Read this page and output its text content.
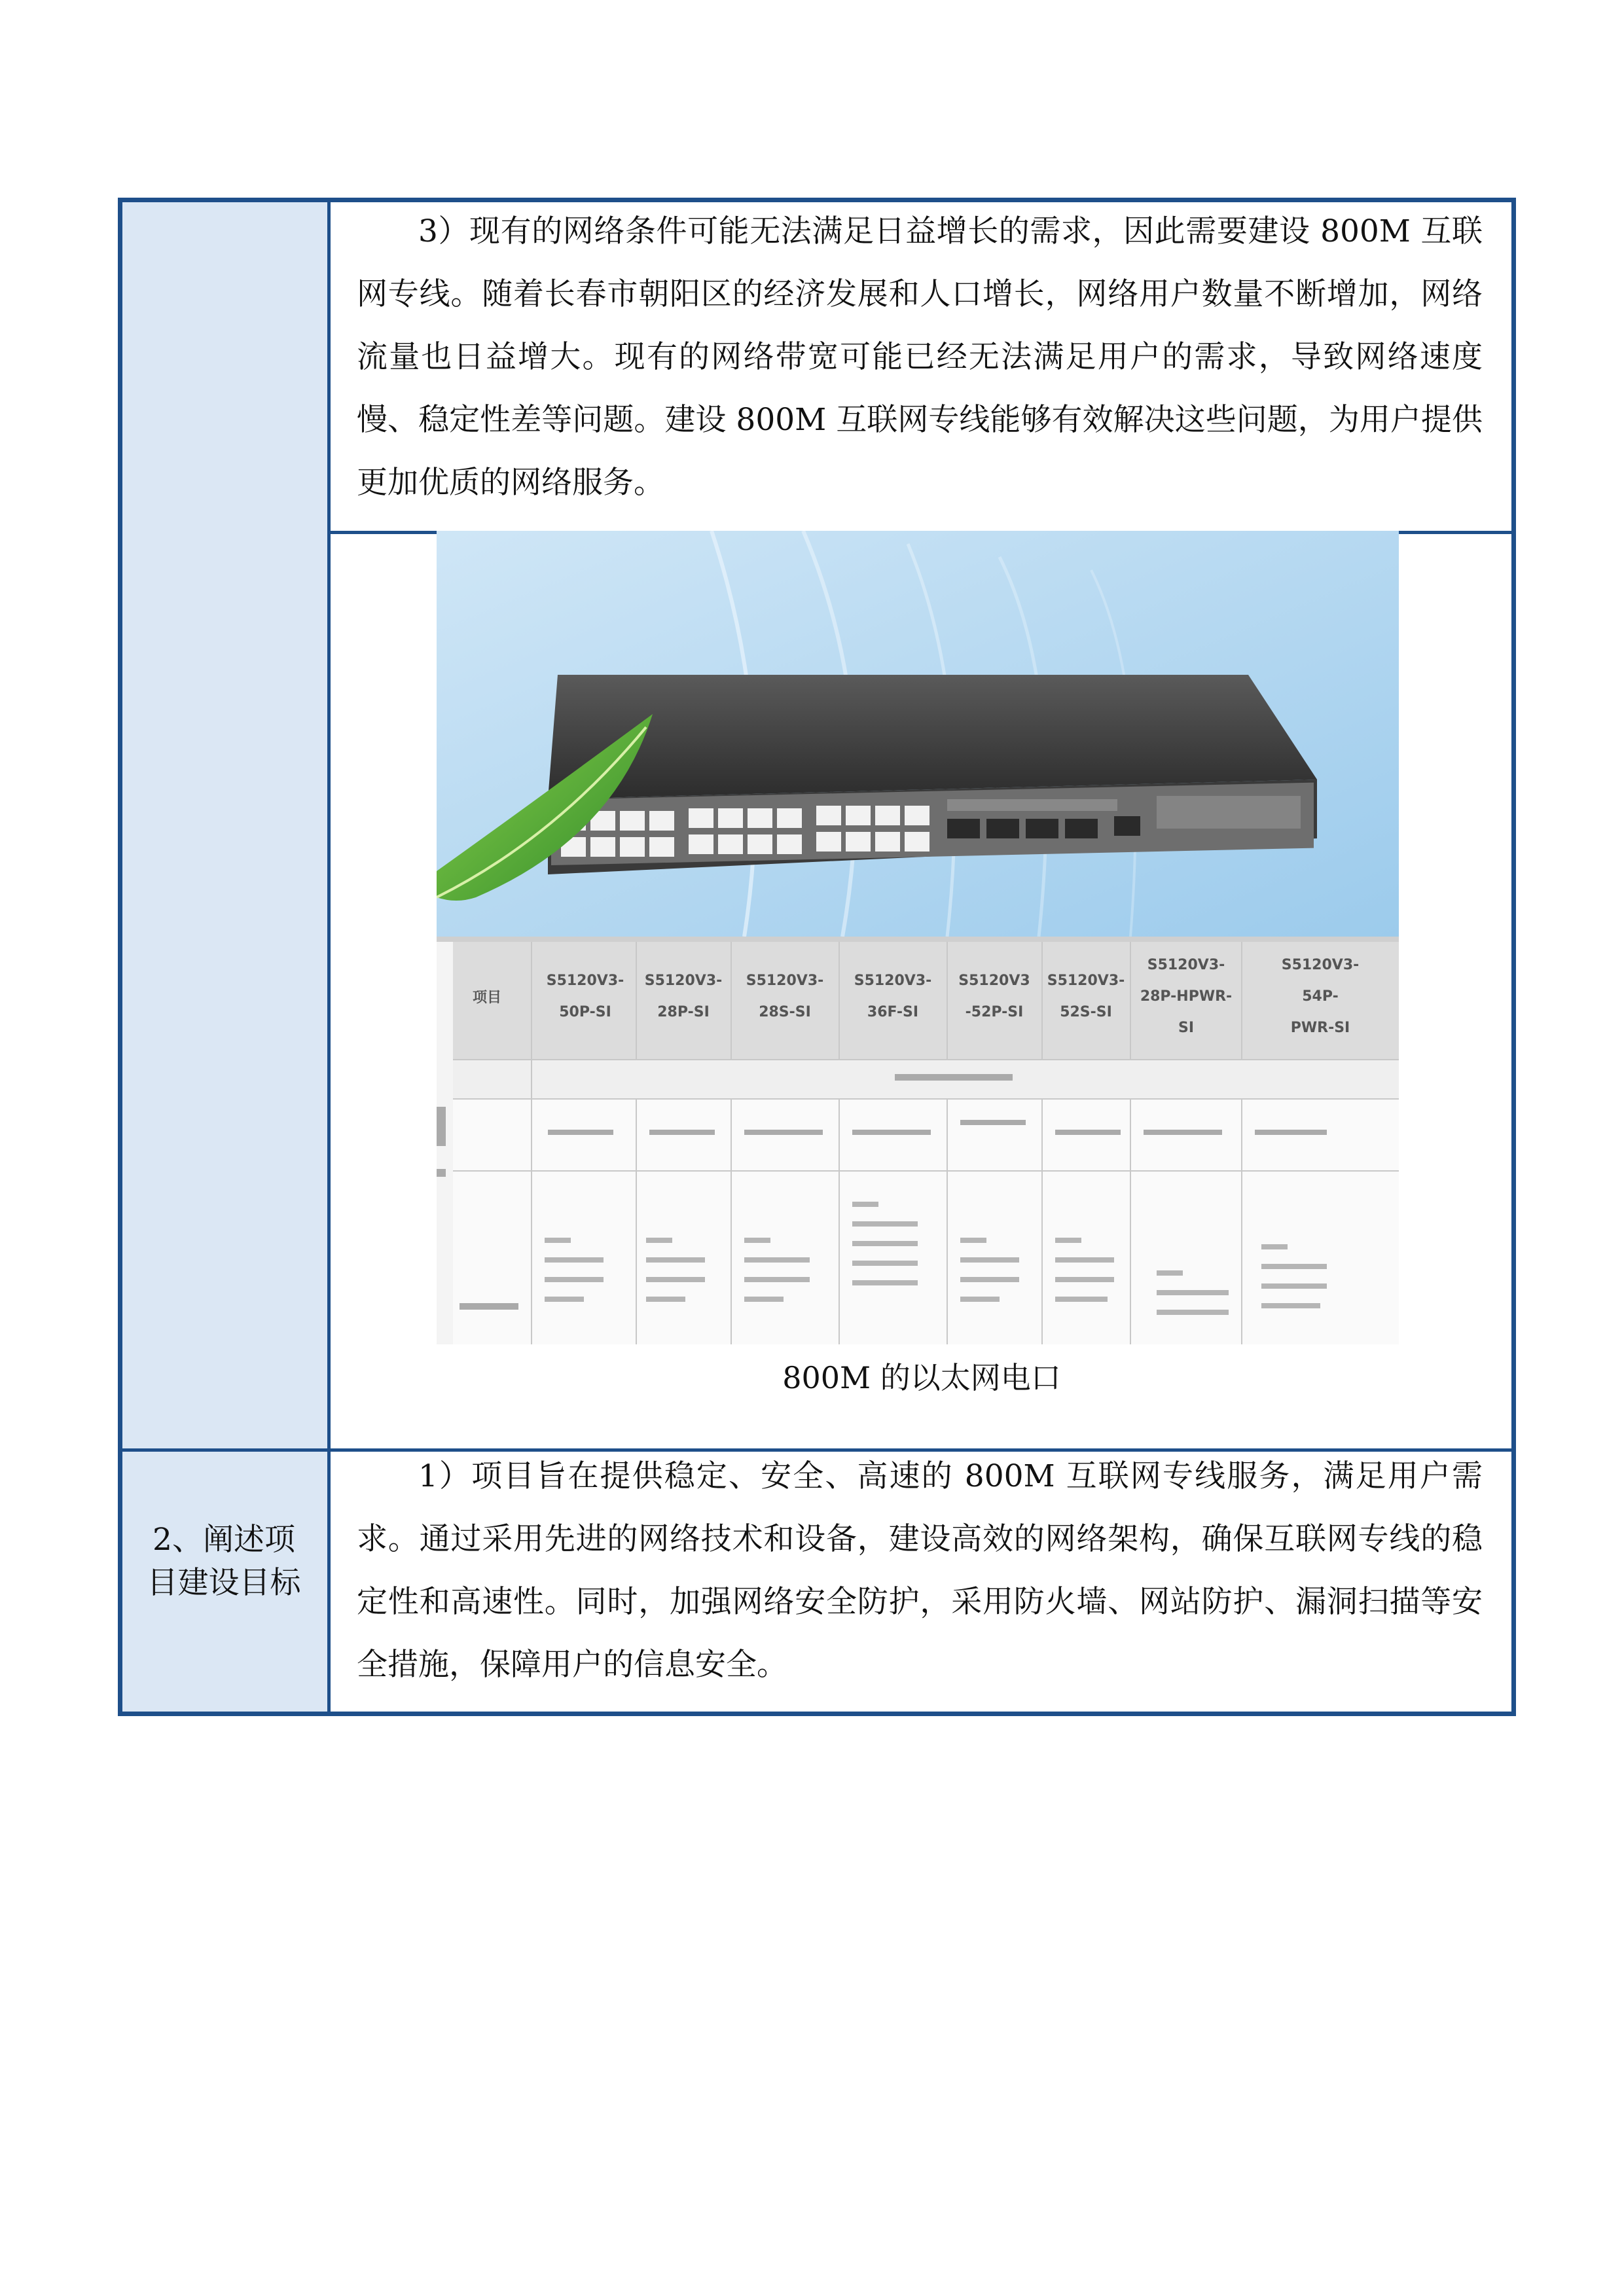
3）现有的网络条件可能无法满足日益增长的需求，因此需要建设 800M 互联网专线。随着长春市朝阳区的经济发展和人口增长，网络用户数量不断增加，网络流量也日益增大。现有的网络带宽可能已经无法满足用户的需求，导致网络速度慢、稳定性差等问题。建设 800M 互联网专线能够有效解决这些问题，为用户提供更加优质的网络服务。

项目
S5120V3-
50P-SI
S5120V3-
28P-SI
S5120V3-
28S-SI
S5120V3-
36F-SI
S5120V3
-52P-SI
S5120V3-
52S-SI
S5120V3-
28P-HPWR-
SI
S5120V3-
54P-
PWR-SI
800M 的以太网电口
2、阐述项目建设目标

1）项目旨在提供稳定、安全、高速的 800M 互联网专线服务，满足用户需求。通过采用先进的网络技术和设备，建设高效的网络架构，确保互联网专线的稳定性和高速性。同时，加强网络安全防护，采用防火墙、网站防护、漏洞扫描等安全措施，保障用户的信息安全。
